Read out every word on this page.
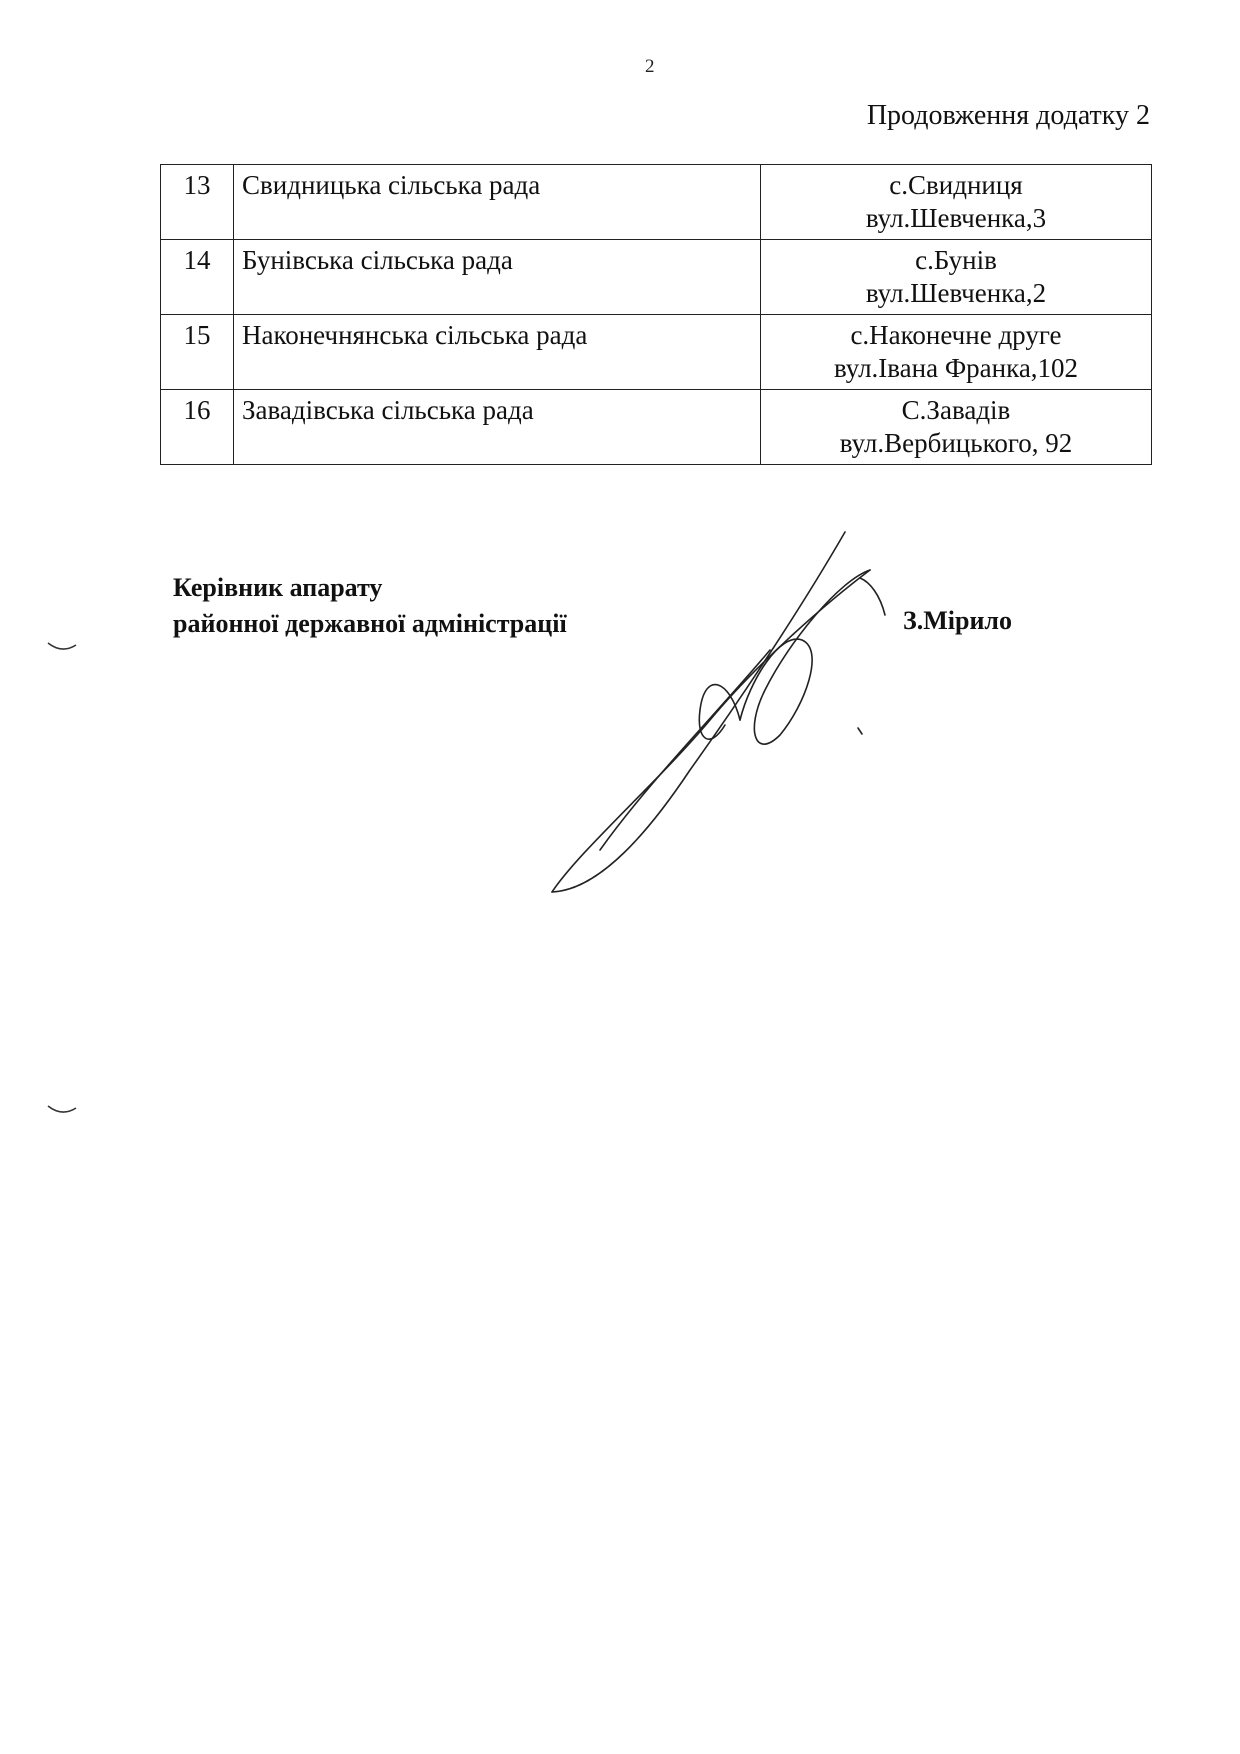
2
Продовження додатку 2
13	Свидницька сільська рада	с.Свидниця
вул.Шевченка,3

14	Бунівська сільська рада	с.Бунів
вул.Шевченка,2

15	Наконечнянська сільська рада	с.Наконечне друге
вул.Івана Франка,102

16	Завадівська сільська рада	С.Завадів
вул.Вербицького, 92
Керівник апарату
районної державної адміністрації	З.Мірило
